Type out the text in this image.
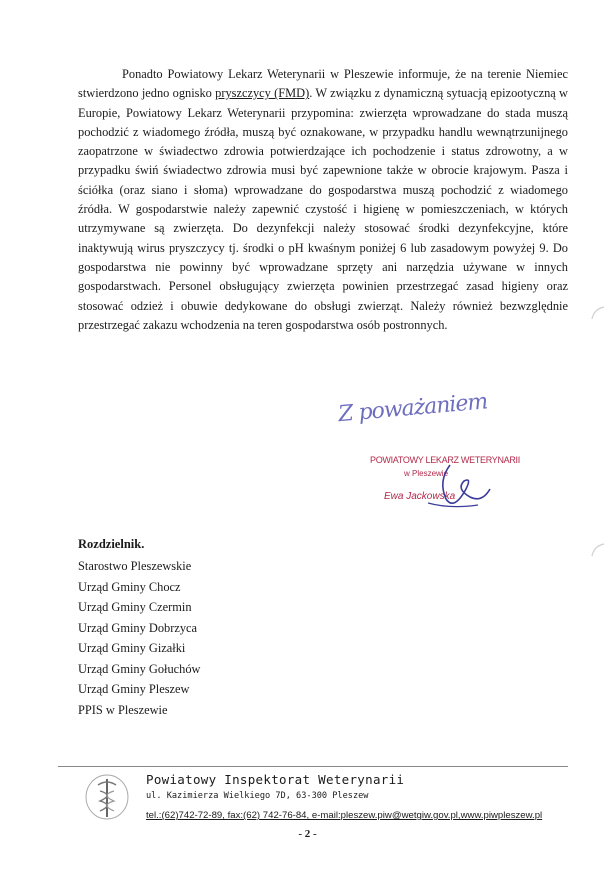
Ponadto Powiatowy Lekarz Weterynarii w Pleszewie informuje, że na terenie Niemiec stwierdzono jedno ognisko pryszczycy (FMD). W związku z dynamiczną sytuacją epizootyczną w Europie, Powiatowy Lekarz Weterynarii przypomina: zwierzęta wprowadzane do stada muszą pochodzić z wiadomego źródła, muszą być oznakowane, w przypadku handlu wewnątrzunijnego zaopatrzone w świadectwo zdrowia potwierdzające ich pochodzenie i status zdrowotny, a w przypadku świń świadectwo zdrowia musi być zapewnione także w obrocie krajowym. Pasza i ściółka (oraz siano i słoma) wprowadzane do gospodarstwa muszą pochodzić z wiadomego źródła. W gospodarstwie należy zapewnić czystość i higienę w pomieszczeniach, w których utrzymywane są zwierzęta. Do dezynfekcji należy stosować środki dezynfekcyjne, które inaktywują wirus pryszczycy tj. środki o pH kwaśnym poniżej 6 lub zasadowym powyżej 9. Do gospodarstwa nie powinny być wprowadzane sprzęty ani narzędzia używane w innych gospodarstwach. Personel obsługujący zwierzęta powinien przestrzegać zasad higieny oraz stosować odzież i obuwie dedykowane do obsługi zwierząt. Należy również bezwzględnie przestrzegać zakazu wchodzenia na teren gospodarstwa osób postronnych.

Z poważaniem
POWIATOWY LEKARZ WETERYNARII
w Pleszewie
Ewa Jackowska
Rozdzielnik.
Starostwo Pleszewskie
Urząd Gminy Chocz
Urząd Gminy Czermin
Urząd Gminy Dobrzyca
Urząd Gminy Gizałki
Urząd Gminy Gołuchów
Urząd Gminy Pleszew
PPIS w Pleszewie
Powiatowy Inspektorat Weterynarii
ul. Kazimierza Wielkiego 7D, 63-300 Pleszew
tel.:(62)742-72-89, fax:(62) 742-76-84, e-mail:pleszew.piw@wetgiw.gov.pl,www.piwpleszew.pl
- 2 -
